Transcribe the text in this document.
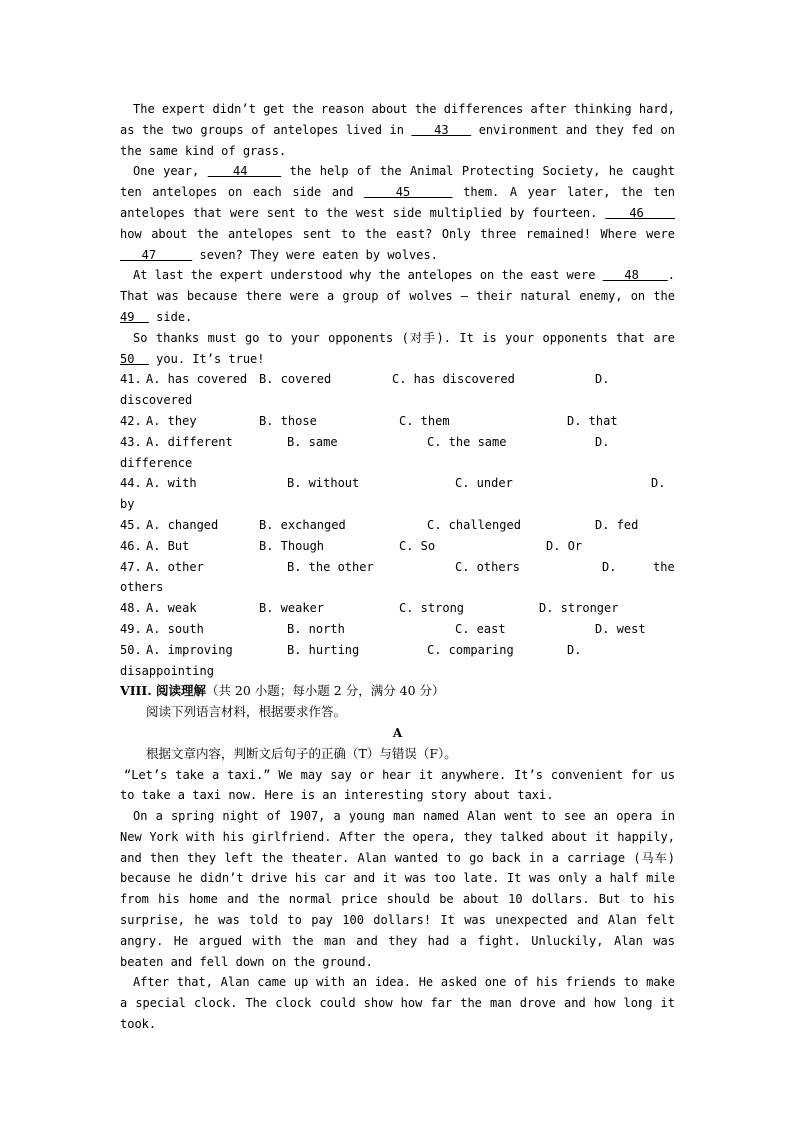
The expert didn’t get the reason about the differences after thinking hard, as the two groups of antelopes lived in    43    environment and they fed on the same kind of grass.

One year,    44     the help of the Animal Protecting Society, he caught ten antelopes on each side and    45     them. A year later, the ten antelopes that were sent to the west side multiplied by fourteen.    46     how about the antelopes sent to the east? Only three remained! Where were    47      seven? They were eaten by wolves.

At last the expert understood why the antelopes on the east were    48    . That was because there were a group of wolves — their natural enemy, on the 49   side.

So thanks must go to your opponents (对手). It is your opponents that are 50   you. It’s true!

41. A. has covered B. covered	C. has discovered	D.
discovered
42. A. they	B. those	C. them	D. that
43. A. different	B. same	C. the same	D.
difference
44. A. with	B. without	C. under	D.
by
45. A. changed	B. exchanged	C. challenged	D. fed
46. A. But	B. Though	C. So	D. Or
47. A. other	B. the other	C. others	D.	the
others
48. A. weak	B. weaker	C. strong	D. stronger
49. A. south	B. north	C. east	D. west
50. A. improving	B. hurting	C. comparing	D.
disappointing
VIII. 阅读理解（共 20 小题；每小题 2 分，满分 40 分）
阅读下列语言材料，根据要求作答。
A
根据文章内容，判断文后句子的正确（T）与错误（F）。

“Let’s take a taxi.” We may say or hear it anywhere. It’s convenient for us to take a taxi now. Here is an interesting story about taxi.

On a spring night of 1907, a young man named Alan went to see an opera in New York with his girlfriend. After the opera, they talked about it happily, and then they left the theater. Alan wanted to go back in a carriage (马车) because he didn’t drive his car and it was too late. It was only a half mile from his home and the normal price should be about 10 dollars. But to his surprise, he was told to pay 100 dollars! It was unexpected and Alan felt angry. He argued with the man and they had a fight. Unluckily, Alan was beaten and fell down on the ground.

After that, Alan came up with an idea. He asked one of his friends to make a special clock. The clock could show how far the man drove and how long it took.
